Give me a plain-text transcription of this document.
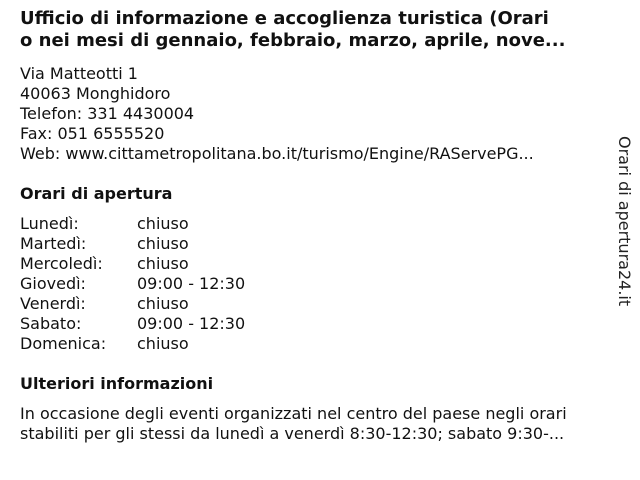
Ufficio di informazione e accoglienza turistica (Orari
o nei mesi di gennaio, febbraio, marzo, aprile, nove...
Via Matteotti 1
40063 Monghidoro
Telefon: 331 4430004
Fax: 051 6555520
Web: www.cittametropolitana.bo.it/turismo/Engine/RAServePG...
Orari di apertura
Lunedì:	chiuso
Martedì:	chiuso
Mercoledì: chiuso
Giovedì:	09:00 - 12:30
Venerdì:	chiuso
Sabato:	09:00 - 12:30
Domenica: chiuso
Ulteriori informazioni
In occasione degli eventi organizzati nel centro del paese negli orari
stabiliti per gli stessi da lunedì a venerdì 8:30-12:30; sabato 9:30-...
Orari di apertura24.it
